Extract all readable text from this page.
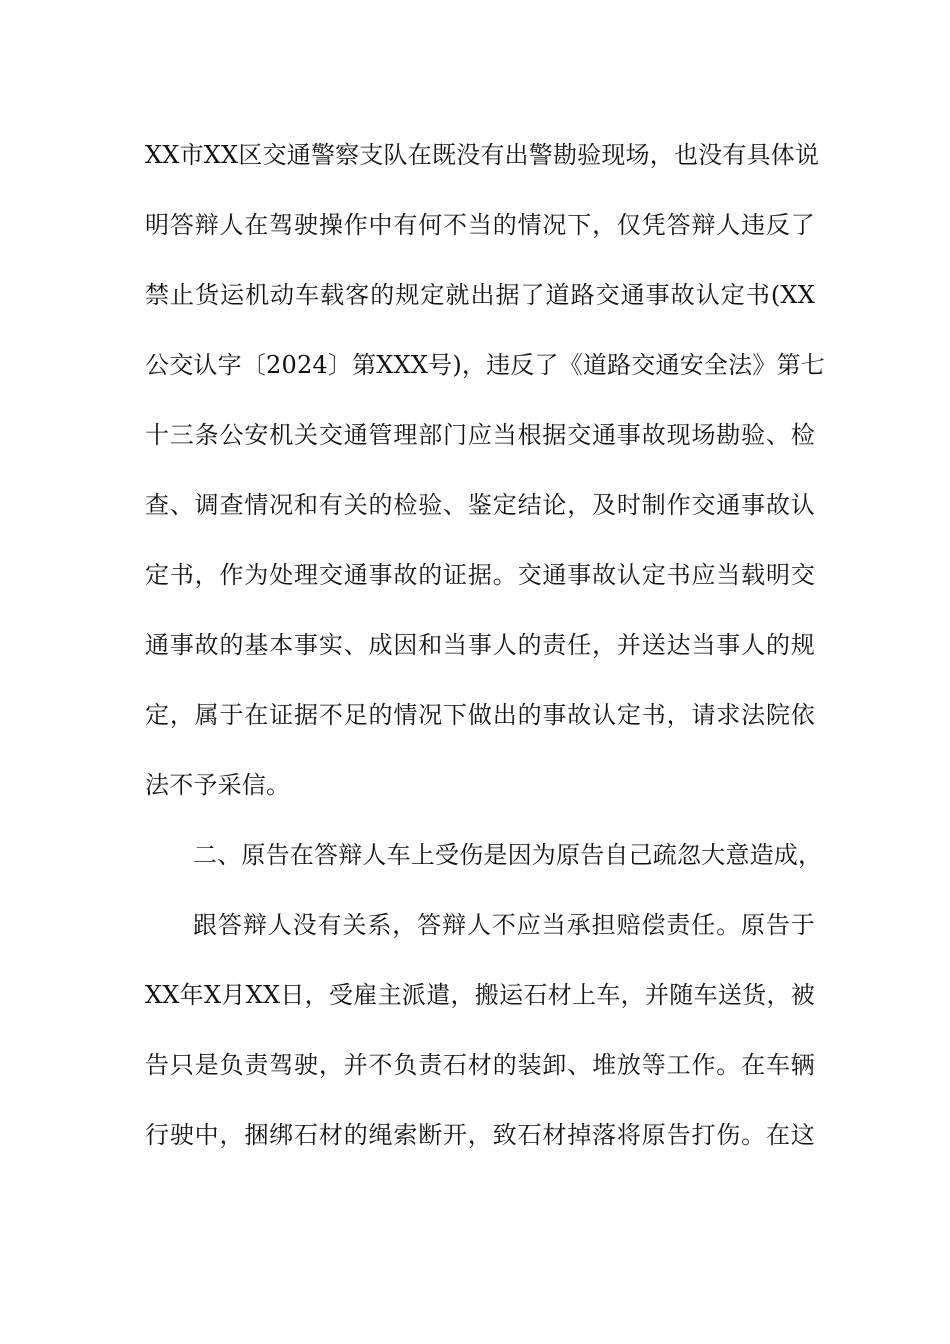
XX市XX区交通警察支队在既没有出警勘验现场，也没有具体说
明答辩人在驾驶操作中有何不当的情况下，仅凭答辩人违反了
禁止货运机动车载客的规定就出据了道路交通事故认定书(XX
公交认字〔2024〕第XXX号)，违反了《道路交通安全法》第七
十三条公安机关交通管理部门应当根据交通事故现场勘验、检
查、调查情况和有关的检验、鉴定结论，及时制作交通事故认
定书，作为处理交通事故的证据。交通事故认定书应当载明交
通事故的基本事实、成因和当事人的责任，并送达当事人的规
定，属于在证据不足的情况下做出的事故认定书，请求法院依
法不予采信。
二、原告在答辩人车上受伤是因为原告自己疏忽大意造成，
跟答辩人没有关系，答辩人不应当承担赔偿责任。原告于
XX年X月XX日，受雇主派遣，搬运石材上车，并随车送货，被
告只是负责驾驶，并不负责石材的装卸、堆放等工作。在车辆
行驶中，捆绑石材的绳索断开，致石材掉落将原告打伤。在这
